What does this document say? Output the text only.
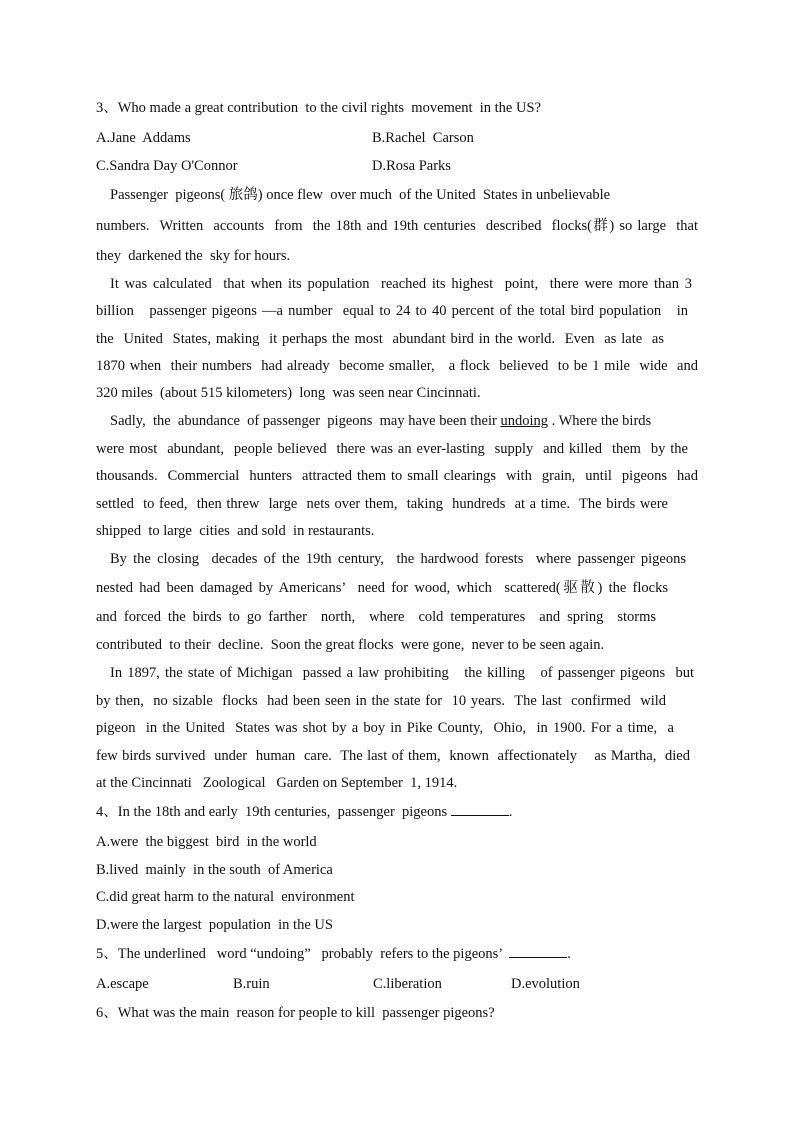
3、Who made a great contribution  to the civil rights  movement  in the US?
A.Jane  Addams	B.Rachel  Carson
C.Sandra Day O'Connor	D.Rosa Parks
Passenger  pigeons( 旅鸽) once flew  over much  of the United  States in unbelievable
numbers.  Written  accounts  from  the 18th and 19th centuries  described  flocks(群) so large  that
they  darkened the  sky for hours.
It was calculated  that when its population  reached its highest  point,  there were more than 3
billion   passenger pigeons —a number  equal to 24 to 40 percent of the total bird population   in
the  United  States, making  it perhaps the most  abundant bird in the world.  Even  as late  as
1870 when  their numbers  had already  become smaller,   a flock  believed  to be 1 mile  wide  and
320 miles  (about 515 kilometers)  long  was seen near Cincinnati.
Sadly,  the  abundance  of passenger  pigeons  may have been their undoing . Where the birds
were most  abundant,  people believed  there was an ever-lasting  supply  and killed  them  by the
thousands.  Commercial  hunters  attracted them to small clearings  with  grain,  until  pigeons  had
settled  to feed,  then threw  large  nets over them,  taking  hundreds  at a time.  The birds were
shipped  to large  cities  and sold  in restaurants.
By the closing  decades of the 19th century,  the hardwood forests  where passenger pigeons
nested had been damaged by Americans’  need for wood, which  scattered(驱散) the flocks
and forced the birds to go farther  north,  where  cold temperatures  and spring  storms
contributed  to their  decline.  Soon the great flocks  were gone,  never to be seen again.
In 1897, the state of Michigan  passed a law prohibiting   the killing   of passenger pigeons  but
by then,  no sizable  flocks  had been seen in the state for  10 years.  The last  confirmed  wild
pigeon  in the United  States was shot by a boy in Pike County,  Ohio,  in 1900. For a time,  a
few birds survived  under  human  care.  The last of them,  known  affectionately    as Martha,  died
at the Cincinnati   Zoological   Garden on September  1, 1914.
4、In the 18th and early  19th centuries,  passenger  pigeons	.
A.were  the biggest  bird  in the world
B.lived  mainly  in the south  of America
C.did great harm to the natural  environment
D.were the largest  population  in the US
5、The underlined   word “undoing”   probably  refers to the pigeons’	.
A.escape	B.ruin	C.liberation	D.evolution
6、What was the main  reason for people to kill  passenger pigeons?
